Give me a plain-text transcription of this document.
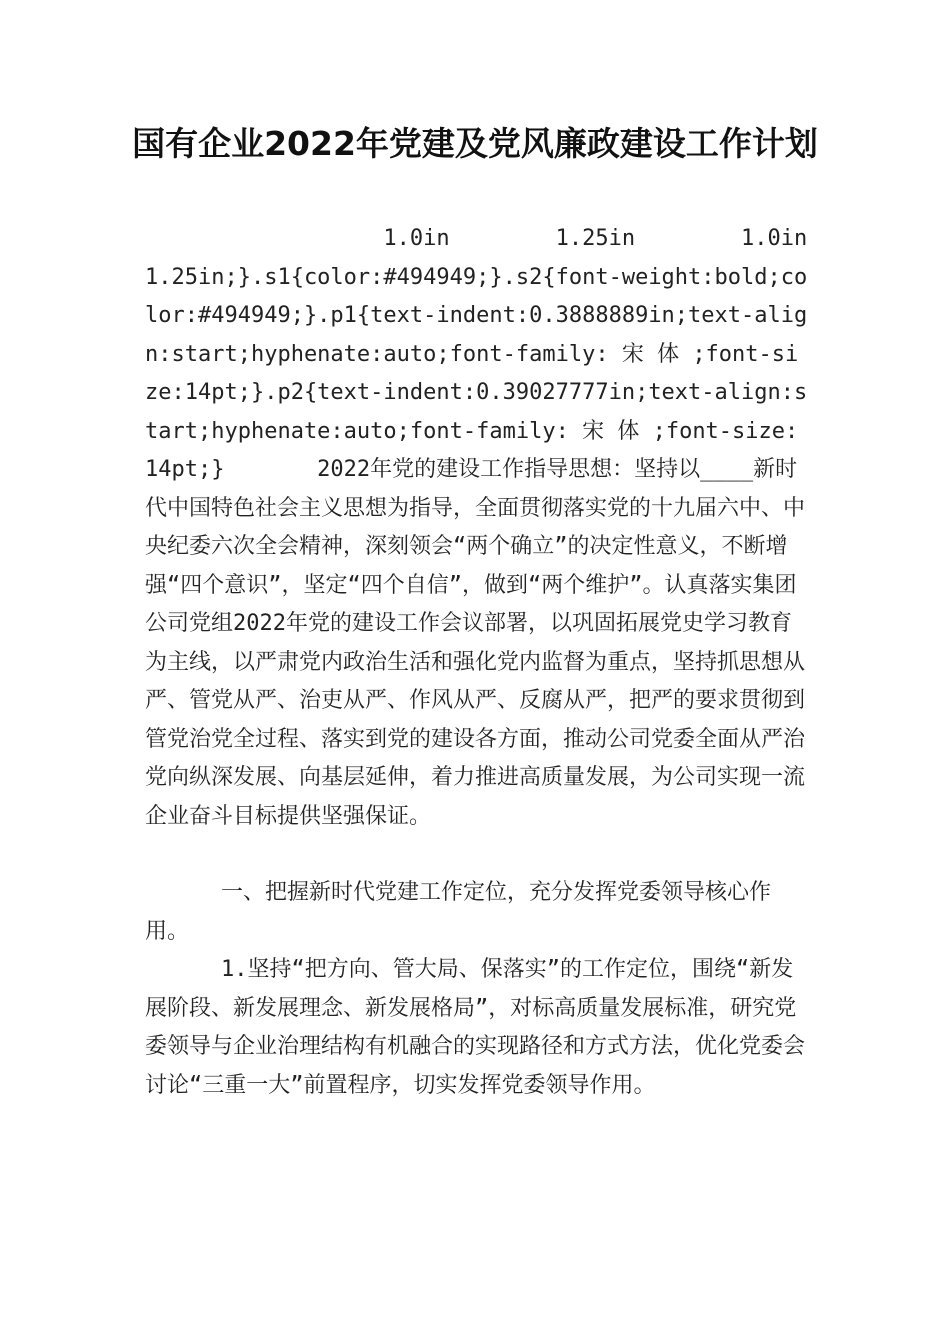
国有企业2022年党建及党风廉政建设工作计划

1.0in        1.25in        1.0in 1.25in;}.s1{color:#494949;}.s2{font-weight:bold;color:#494949;}.p1{text-indent:0.3888889in;text-align:start;hyphenate:auto;font-family: 宋 体 ;font-size:14pt;}.p2{text-indent:0.39027777in;text-align:start;hyphenate:auto;font-family: 宋 体 ;font-size:14pt;}       2022年党的建设工作指导思想：坚持以____新时代中国特色社会主义思想为指导，全面贯彻落实党的十九届六中、中央纪委六次全会精神，深刻领会“两个确立”的决定性意义，不断增强“四个意识”，坚定“四个自信”，做到“两个维护”。认真落实集团公司党组2022年党的建设工作会议部署，以巩固拓展党史学习教育为主线，以严肃党内政治生活和强化党内监督为重点，坚持抓思想从严、管党从严、治吏从严、作风从严、反腐从严，把严的要求贯彻到管党治党全过程、落实到党的建设各方面，推动公司党委全面从严治党向纵深发展、向基层延伸，着力推进高质量发展，为公司实现一流企业奋斗目标提供坚强保证。

一、把握新时代党建工作定位，充分发挥党委领导核心作用。

1.坚持“把方向、管大局、保落实”的工作定位，围绕“新发展阶段、新发展理念、新发展格局”，对标高质量发展标准，研究党委领导与企业治理结构有机融合的实现路径和方式方法，优化党委会讨论“三重一大”前置程序，切实发挥党委领导作用。
